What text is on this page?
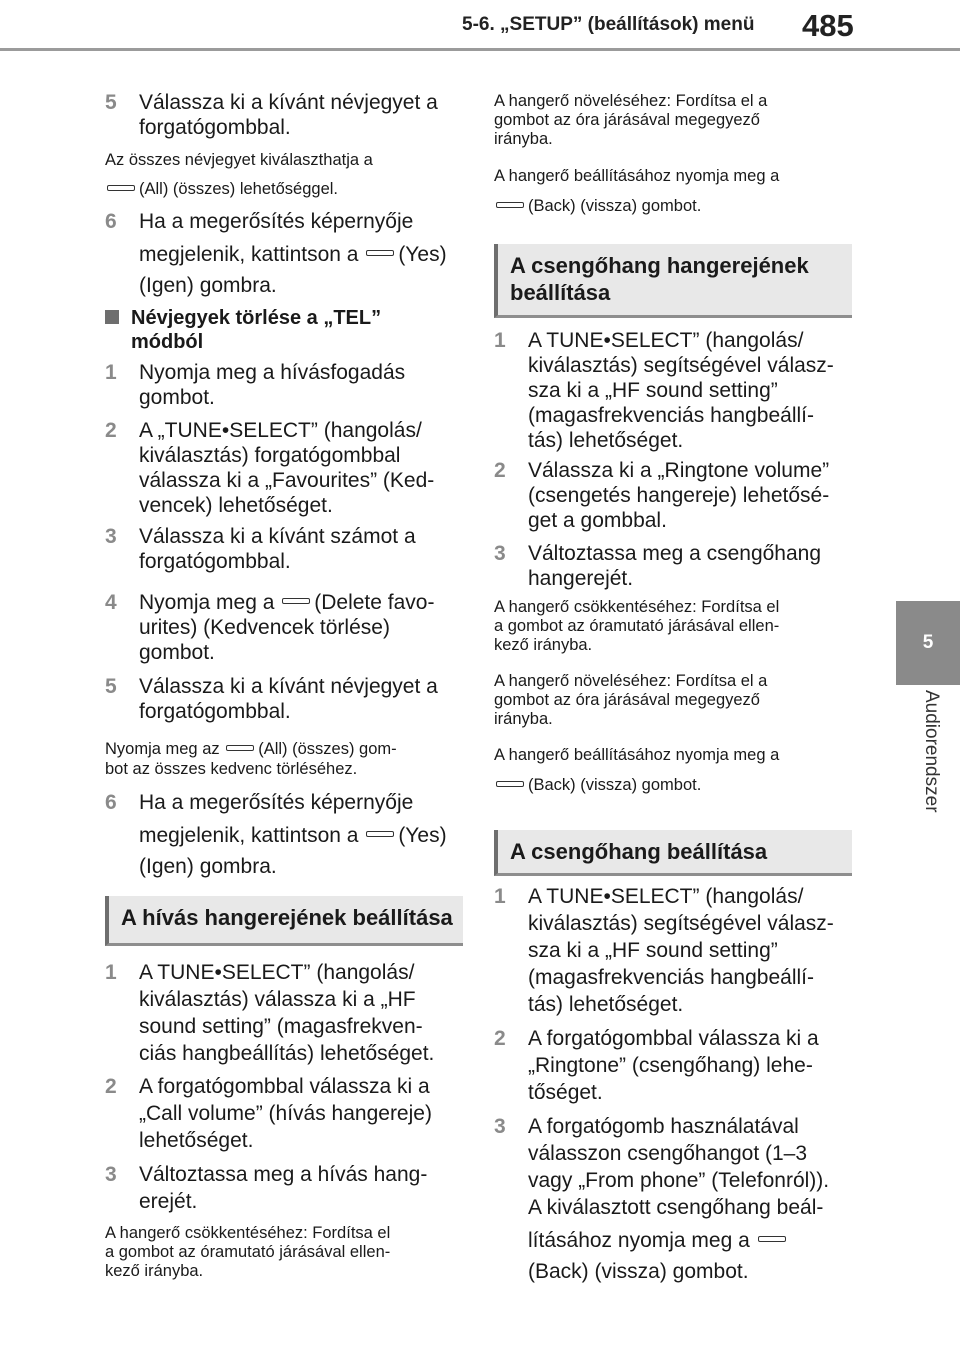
5-6. „SETUP” (beállítások) menü 485
5
Audiorendszer
5 Válassza ki a kívánt névjegyet a
forgatógombbal.
Az összes névjegyet kiválaszthatja a
(All) (összes) lehetőséggel.
6 Ha a megerősítés képernyője
megjelenik, kattintson a (Yes)
(Igen) gombra.
Névjegyek törlése a „TEL”
módból
1 Nyomja meg a hívásfogadás
gombot.
2 A „TUNE•SELECT” (hangolás/
kiválasztás) forgatógombbal
válassza ki a „Favourites” (Ked-
vencek) lehetőséget.
3 Válassza ki a kívánt számot a
forgatógombbal.
4 Nyomja meg a (Delete favo-
urites) (Kedvencek törlése)
gombot.
5 Válassza ki a kívánt névjegyet a
forgatógombbal.
Nyomja meg az (All) (összes) gom-
bot az összes kedvenc törléséhez.
6 Ha a megerősítés képernyője
megjelenik, kattintson a (Yes)
(Igen) gombra.
A hívás hangerejének beállítása
1 A TUNE•SELECT” (hangolás/
kiválasztás) válassza ki a „HF
sound setting” (magasfrekven-
ciás hangbeállítás) lehetőséget.
2 A forgatógombbal válassza ki a
„Call volume” (hívás hangereje)
lehetőséget.
3 Változtassa meg a hívás hang-
erejét.
A hangerő csökkentéséhez: Fordítsa el
a gombot az óramutató járásával ellen-
kező irányba.
A hangerő növeléséhez: Fordítsa el a
gombot az óra járásával megegyező
irányba.
A hangerő beállításához nyomja meg a
(Back) (vissza) gombot.
A csengőhang hangerejének
beállítása
1 A TUNE•SELECT” (hangolás/
kiválasztás) segítségével válasz-
sza ki a „HF sound setting”
(magasfrekvenciás hangbeállí-
tás) lehetőséget.
2 Válassza ki a „Ringtone volume”
(csengetés hangereje) lehetősé-
get a gombbal.
3 Változtassa meg a csengőhang
hangerejét.
A hangerő csökkentéséhez: Fordítsa el
a gombot az óramutató járásával ellen-
kező irányba.
A hangerő növeléséhez: Fordítsa el a
gombot az óra járásával megegyező
irányba.
A hangerő beállításához nyomja meg a
(Back) (vissza) gombot.
A csengőhang beállítása
1 A TUNE•SELECT” (hangolás/
kiválasztás) segítségével válasz-
sza ki a „HF sound setting”
(magasfrekvenciás hangbeállí-
tás) lehetőséget.
2 A forgatógombbal válassza ki a
„Ringtone” (csengőhang) lehe-
tőséget.
3 A forgatógomb használatával
válasszon csengőhangot (1–3
vagy „From phone” (Telefonról)).
A kiválasztott csengőhang beál-
lításához nyomja meg a
(Back) (vissza) gombot.
